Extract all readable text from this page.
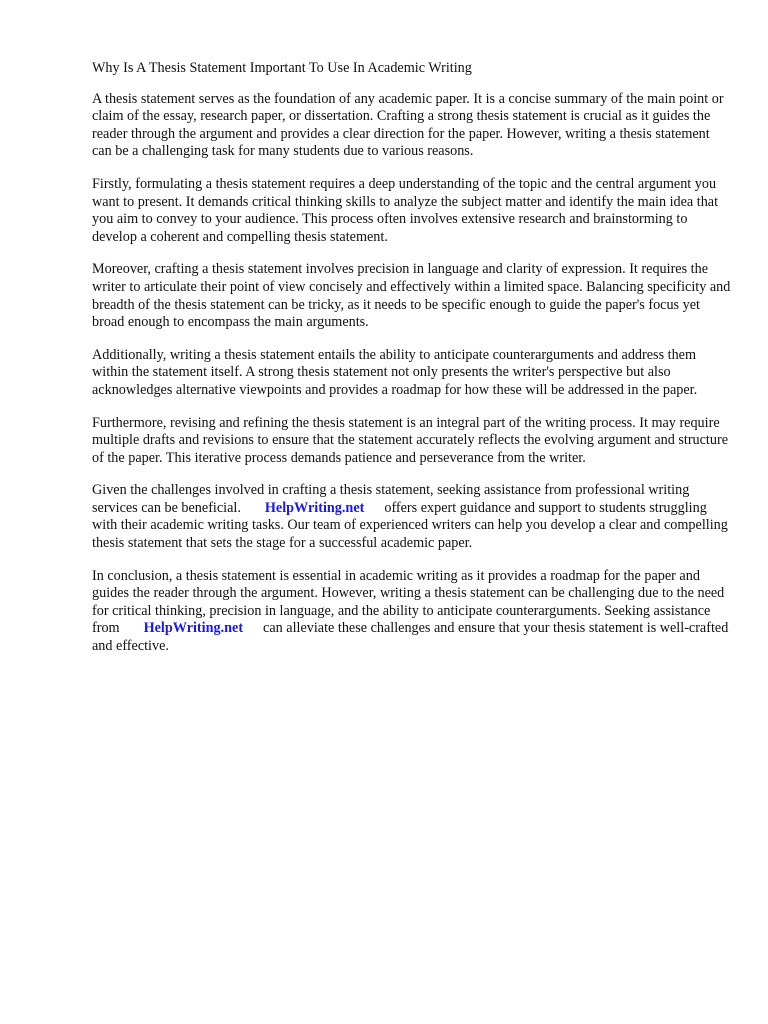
Why Is A Thesis Statement Important To Use In Academic Writing

A thesis statement serves as the foundation of any academic paper. It is a concise summary of the main point or claim of the essay, research paper, or dissertation. Crafting a strong thesis statement is crucial as it guides the reader through the argument and provides a clear direction for the paper. However, writing a thesis statement can be a challenging task for many students due to various reasons.

Firstly, formulating a thesis statement requires a deep understanding of the topic and the central argument you want to present. It demands critical thinking skills to analyze the subject matter and identify the main idea that you aim to convey to your audience. This process often involves extensive research and brainstorming to develop a coherent and compelling thesis statement.

Moreover, crafting a thesis statement involves precision in language and clarity of expression. It requires the writer to articulate their point of view concisely and effectively within a limited space. Balancing specificity and breadth of the thesis statement can be tricky, as it needs to be specific enough to guide the paper's focus yet broad enough to encompass the main arguments.

Additionally, writing a thesis statement entails the ability to anticipate counterarguments and address them within the statement itself. A strong thesis statement not only presents the writer's perspective but also acknowledges alternative viewpoints and provides a roadmap for how these will be addressed in the paper.

Furthermore, revising and refining the thesis statement is an integral part of the writing process. It may require multiple drafts and revisions to ensure that the statement accurately reflects the evolving argument and structure of the paper. This iterative process demands patience and perseverance from the writer.

Given the challenges involved in crafting a thesis statement, seeking assistance from professional writing services can be beneficial. HelpWriting.net offers expert guidance and support to students struggling with their academic writing tasks. Our team of experienced writers can help you develop a clear and compelling thesis statement that sets the stage for a successful academic paper.

In conclusion, a thesis statement is essential in academic writing as it provides a roadmap for the paper and guides the reader through the argument. However, writing a thesis statement can be challenging due to the need for critical thinking, precision in language, and the ability to anticipate counterarguments. Seeking assistance from HelpWriting.net can alleviate these challenges and ensure that your thesis statement is well-crafted and effective.
